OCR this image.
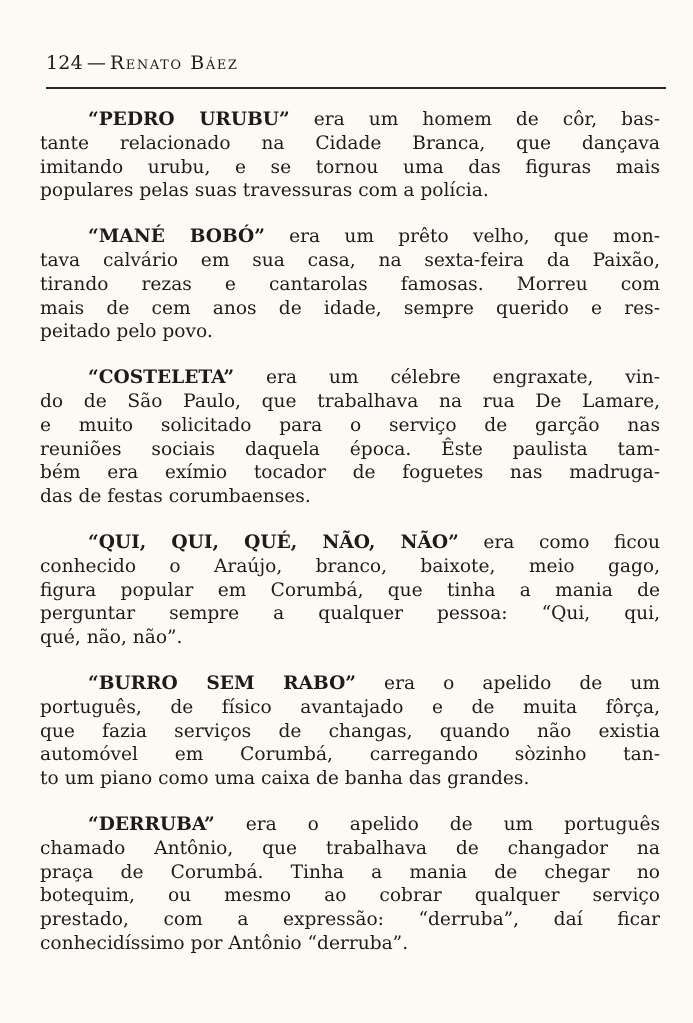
124 — Renato Báez
“PEDRO URUBU” era um homem de côr, bas-
tante relacionado na Cidade Branca, que dançava
imitando urubu, e se tornou uma das figuras mais
populares pelas suas travessuras com a polícia.
“MANÉ BOBÓ” era um prêto velho, que mon-
tava calvário em sua casa, na sexta-feira da Paixão,
tirando rezas e cantarolas famosas. Morreu com
mais de cem anos de idade, sempre querido e res-
peitado pelo povo.
“COSTELETA” era um célebre engraxate, vin-
do de São Paulo, que trabalhava na rua De Lamare,
e muito solicitado para o serviço de garção nas
reuniões sociais daquela época. Êste paulista tam-
bém era exímio tocador de foguetes nas madruga-
das de festas corumbaenses.
“QUI, QUI, QUÉ, NÃO, NÃO” era como ficou
conhecido o Araújo, branco, baixote, meio gago,
figura popular em Corumbá, que tinha a mania de
perguntar sempre a qualquer pessoa: “Qui, qui,
qué, não, não”.
“BURRO SEM RABO” era o apelido de um
português, de físico avantajado e de muita fôrça,
que fazia serviços de changas, quando não existia
automóvel em Corumbá, carregando sòzinho tan-
to um piano como uma caixa de banha das grandes.
“DERRUBA” era o apelido de um português
chamado Antônio, que trabalhava de changador na
praça de Corumbá. Tinha a mania de chegar no
botequim, ou mesmo ao cobrar qualquer serviço
prestado, com a expressão: “derruba”, daí ficar
conhecidíssimo por Antônio “derruba”.
